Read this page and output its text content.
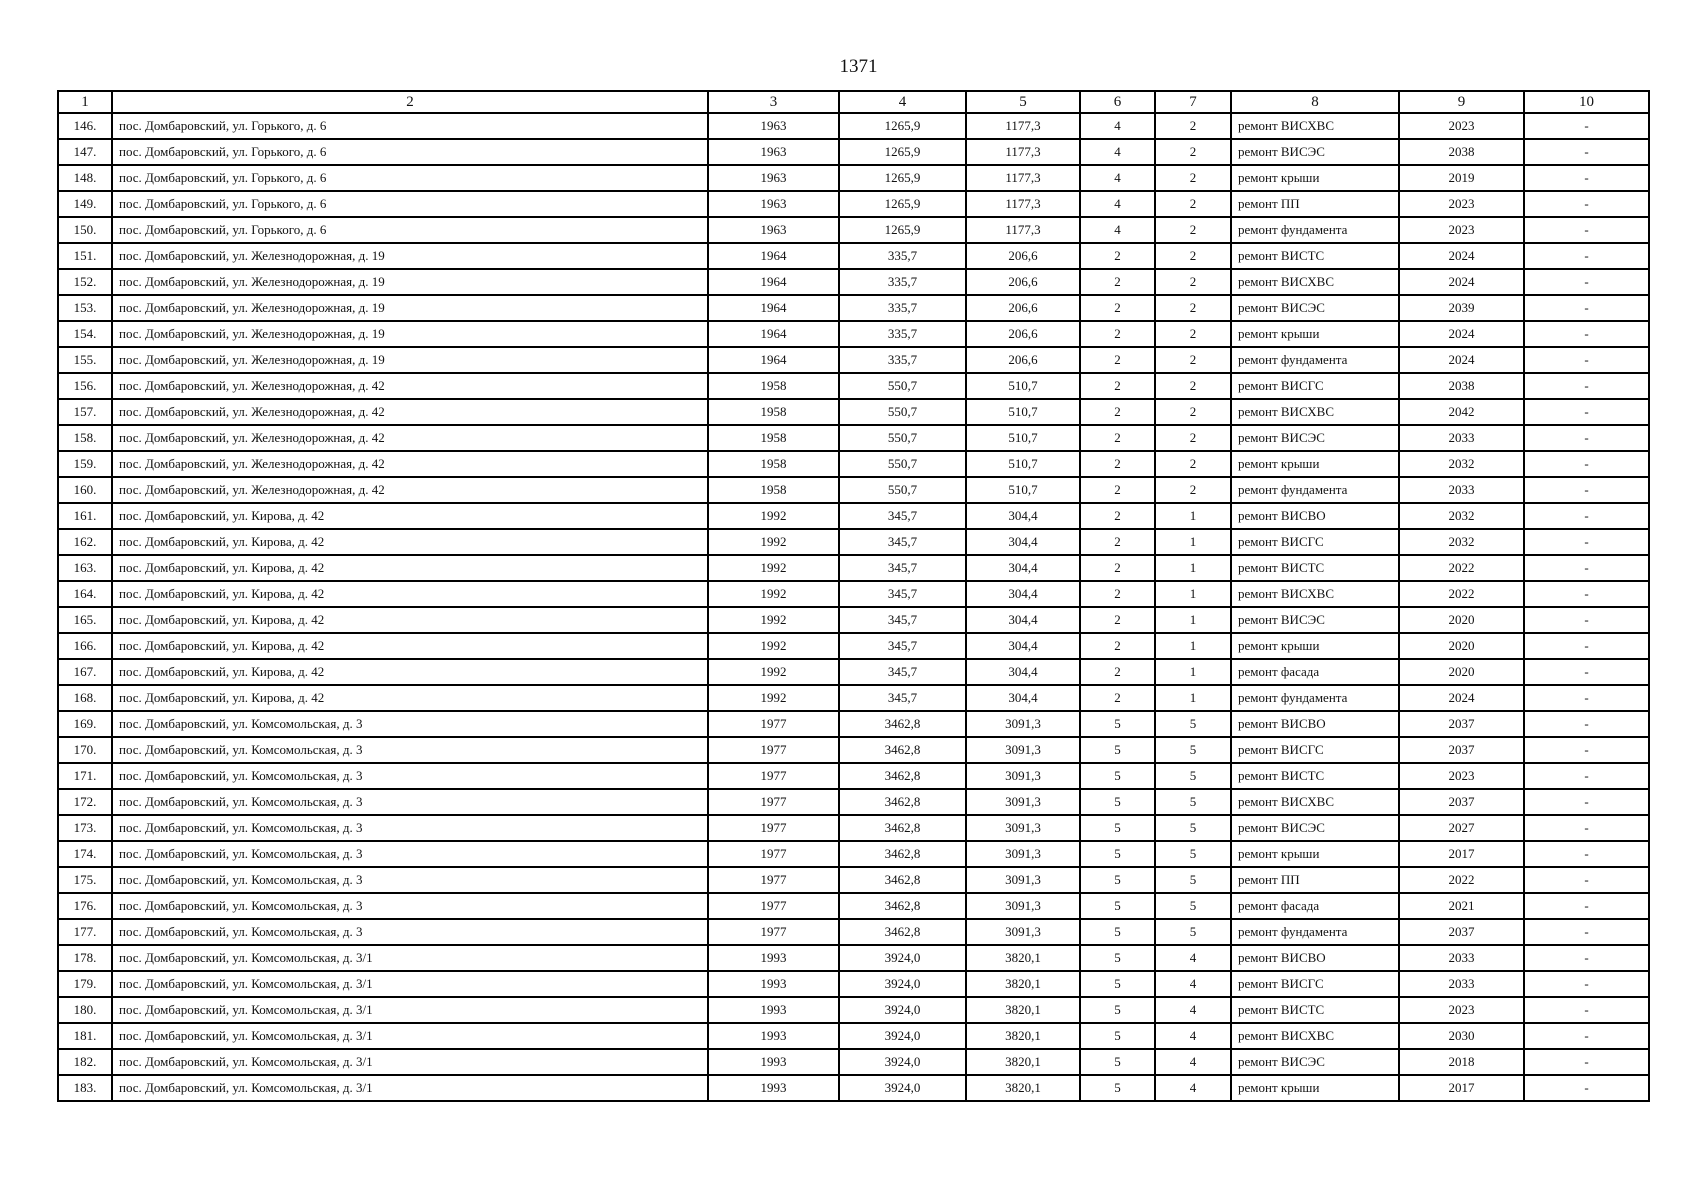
1371
1	2	3	4	5	6	7	8	9	10
146.	пос. Домбаровский, ул. Горького, д. 6	1963	1265,9	1177,3	4	2	ремонт ВИСХВС	2023	-
147.	пос. Домбаровский, ул. Горького, д. 6	1963	1265,9	1177,3	4	2	ремонт ВИСЭС	2038	-
148.	пос. Домбаровский, ул. Горького, д. 6	1963	1265,9	1177,3	4	2	ремонт крыши	2019	-
149.	пос. Домбаровский, ул. Горького, д. 6	1963	1265,9	1177,3	4	2	ремонт ПП	2023	-
150.	пос. Домбаровский, ул. Горького, д. 6	1963	1265,9	1177,3	4	2	ремонт фундамента	2023	-
151.	пос. Домбаровский, ул. Железнодорожная, д. 19	1964	335,7	206,6	2	2	ремонт ВИСТС	2024	-
152.	пос. Домбаровский, ул. Железнодорожная, д. 19	1964	335,7	206,6	2	2	ремонт ВИСХВС	2024	-
153.	пос. Домбаровский, ул. Железнодорожная, д. 19	1964	335,7	206,6	2	2	ремонт ВИСЭС	2039	-
154.	пос. Домбаровский, ул. Железнодорожная, д. 19	1964	335,7	206,6	2	2	ремонт крыши	2024	-
155.	пос. Домбаровский, ул. Железнодорожная, д. 19	1964	335,7	206,6	2	2	ремонт фундамента	2024	-
156.	пос. Домбаровский, ул. Железнодорожная, д. 42	1958	550,7	510,7	2	2	ремонт ВИСГС	2038	-
157.	пос. Домбаровский, ул. Железнодорожная, д. 42	1958	550,7	510,7	2	2	ремонт ВИСХВС	2042	-
158.	пос. Домбаровский, ул. Железнодорожная, д. 42	1958	550,7	510,7	2	2	ремонт ВИСЭС	2033	-
159.	пос. Домбаровский, ул. Железнодорожная, д. 42	1958	550,7	510,7	2	2	ремонт крыши	2032	-
160.	пос. Домбаровский, ул. Железнодорожная, д. 42	1958	550,7	510,7	2	2	ремонт фундамента	2033	-
161.	пос. Домбаровский, ул. Кирова, д. 42	1992	345,7	304,4	2	1	ремонт ВИСВО	2032	-
162.	пос. Домбаровский, ул. Кирова, д. 42	1992	345,7	304,4	2	1	ремонт ВИСГС	2032	-
163.	пос. Домбаровский, ул. Кирова, д. 42	1992	345,7	304,4	2	1	ремонт ВИСТС	2022	-
164.	пос. Домбаровский, ул. Кирова, д. 42	1992	345,7	304,4	2	1	ремонт ВИСХВС	2022	-
165.	пос. Домбаровский, ул. Кирова, д. 42	1992	345,7	304,4	2	1	ремонт ВИСЭС	2020	-
166.	пос. Домбаровский, ул. Кирова, д. 42	1992	345,7	304,4	2	1	ремонт крыши	2020	-
167.	пос. Домбаровский, ул. Кирова, д. 42	1992	345,7	304,4	2	1	ремонт фасада	2020	-
168.	пос. Домбаровский, ул. Кирова, д. 42	1992	345,7	304,4	2	1	ремонт фундамента	2024	-
169.	пос. Домбаровский, ул. Комсомольская, д. 3	1977	3462,8	3091,3	5	5	ремонт ВИСВО	2037	-
170.	пос. Домбаровский, ул. Комсомольская, д. 3	1977	3462,8	3091,3	5	5	ремонт ВИСГС	2037	-
171.	пос. Домбаровский, ул. Комсомольская, д. 3	1977	3462,8	3091,3	5	5	ремонт ВИСТС	2023	-
172.	пос. Домбаровский, ул. Комсомольская, д. 3	1977	3462,8	3091,3	5	5	ремонт ВИСХВС	2037	-
173.	пос. Домбаровский, ул. Комсомольская, д. 3	1977	3462,8	3091,3	5	5	ремонт ВИСЭС	2027	-
174.	пос. Домбаровский, ул. Комсомольская, д. 3	1977	3462,8	3091,3	5	5	ремонт крыши	2017	-
175.	пос. Домбаровский, ул. Комсомольская, д. 3	1977	3462,8	3091,3	5	5	ремонт ПП	2022	-
176.	пос. Домбаровский, ул. Комсомольская, д. 3	1977	3462,8	3091,3	5	5	ремонт фасада	2021	-
177.	пос. Домбаровский, ул. Комсомольская, д. 3	1977	3462,8	3091,3	5	5	ремонт фундамента	2037	-
178.	пос. Домбаровский, ул. Комсомольская, д. 3/1	1993	3924,0	3820,1	5	4	ремонт ВИСВО	2033	-
179.	пос. Домбаровский, ул. Комсомольская, д. 3/1	1993	3924,0	3820,1	5	4	ремонт ВИСГС	2033	-
180.	пос. Домбаровский, ул. Комсомольская, д. 3/1	1993	3924,0	3820,1	5	4	ремонт ВИСТС	2023	-
181.	пос. Домбаровский, ул. Комсомольская, д. 3/1	1993	3924,0	3820,1	5	4	ремонт ВИСХВС	2030	-
182.	пос. Домбаровский, ул. Комсомольская, д. 3/1	1993	3924,0	3820,1	5	4	ремонт ВИСЭС	2018	-
183.	пос. Домбаровский, ул. Комсомольская, д. 3/1	1993	3924,0	3820,1	5	4	ремонт крыши	2017	-
